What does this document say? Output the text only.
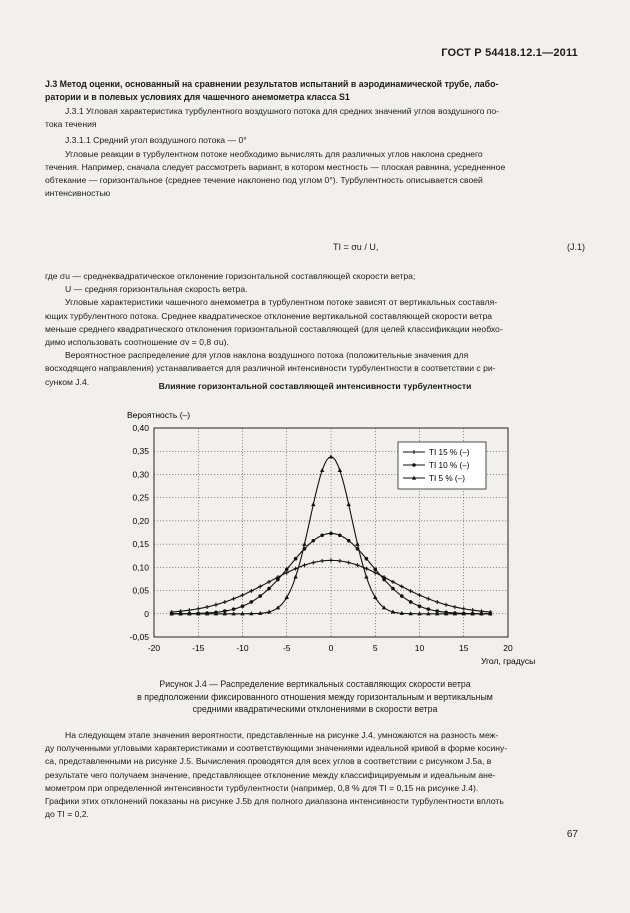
ГОСТ Р 54418.12.1—2011
J.3 Метод оценки, основанный на сравнении результатов испытаний в аэродинамической трубе, лабо-
ратории и в полевых условиях для чашечного анемометра класса S1
J.3.1 Угловая характеристика турбулентного воздушного потока для средних значений углов воздушного по-
тока течения
J.3.1.1 Средний угол воздушного потока — 0°
Угловые реакции в турбулентном потоке необходимо вычислять для различных углов наклона среднего
течения. Например, сначала следует рассмотреть вариант, в котором местность — плоская равнина, усредненное
обтекание — горизонтальное (среднее течение наклонено под углом 0°). Турбулентность описывается своей
интенсивностью
TI = σu / U,	(J.1)
где σu — среднеквадратическое отклонение горизонтальной составляющей скорости ветра;
U — средняя горизонтальная скорость ветра.
Угловые характеристики чашечного анемометра в турбулентном потоке зависят от вертикальных составля-
ющих турбулентного потока. Среднее квадратическое отклонение вертикальной составляющей скорости ветра
меньше среднего квадратического отклонения горизонтальной составляющей (для целей классификации необхо-
димо использовать соотношение σv = 0,8 σu).
Вероятностное распределение для углов наклона воздушного потока (положительные значения для
восходящего направления) устанавливается для различной интенсивности турбулентности в соответствии с ри-
сунком J.4.	Влияние горизонтальной составляющей интенсивности турбулентности
Вероятность (–)
-0,05
0
0,05
0,10
0,15
0,20
0,25
0,30
0,35
0,40
-20	-15	-10	-5	0	5	10	15	20
TI 15 % (–)
TI 10 % (–)
TI 5 % (–)
Угол, градусы
Рисунок J.4 — Распределение вертикальных составляющих скорости ветра
в предположении фиксированного отношения между горизонтальным и вертикальным
средними квадратическими отклонениями в скорости ветра
На следующем этапе значения вероятности, представленные на рисунке J.4, умножаются на разность меж-
ду полученными угловыми характеристиками и соответствующими значениями идеальной кривой в форме косину-
са, представленными на рисунке J.5. Вычисления проводятся для всех углов в соответствии с рисунком J.5a, в
результате чего получаем значение, представляющее отклонение между классифицируемым и идеальным ане-
мометром при определенной интенсивности турбулентности (например, 0,8 % для TI = 0,15 на рисунке J.4).
Графики этих отклонений показаны на рисунке J.5b для полного диапазона интенсивности турбулентности вплоть
до TI = 0,2.
67
